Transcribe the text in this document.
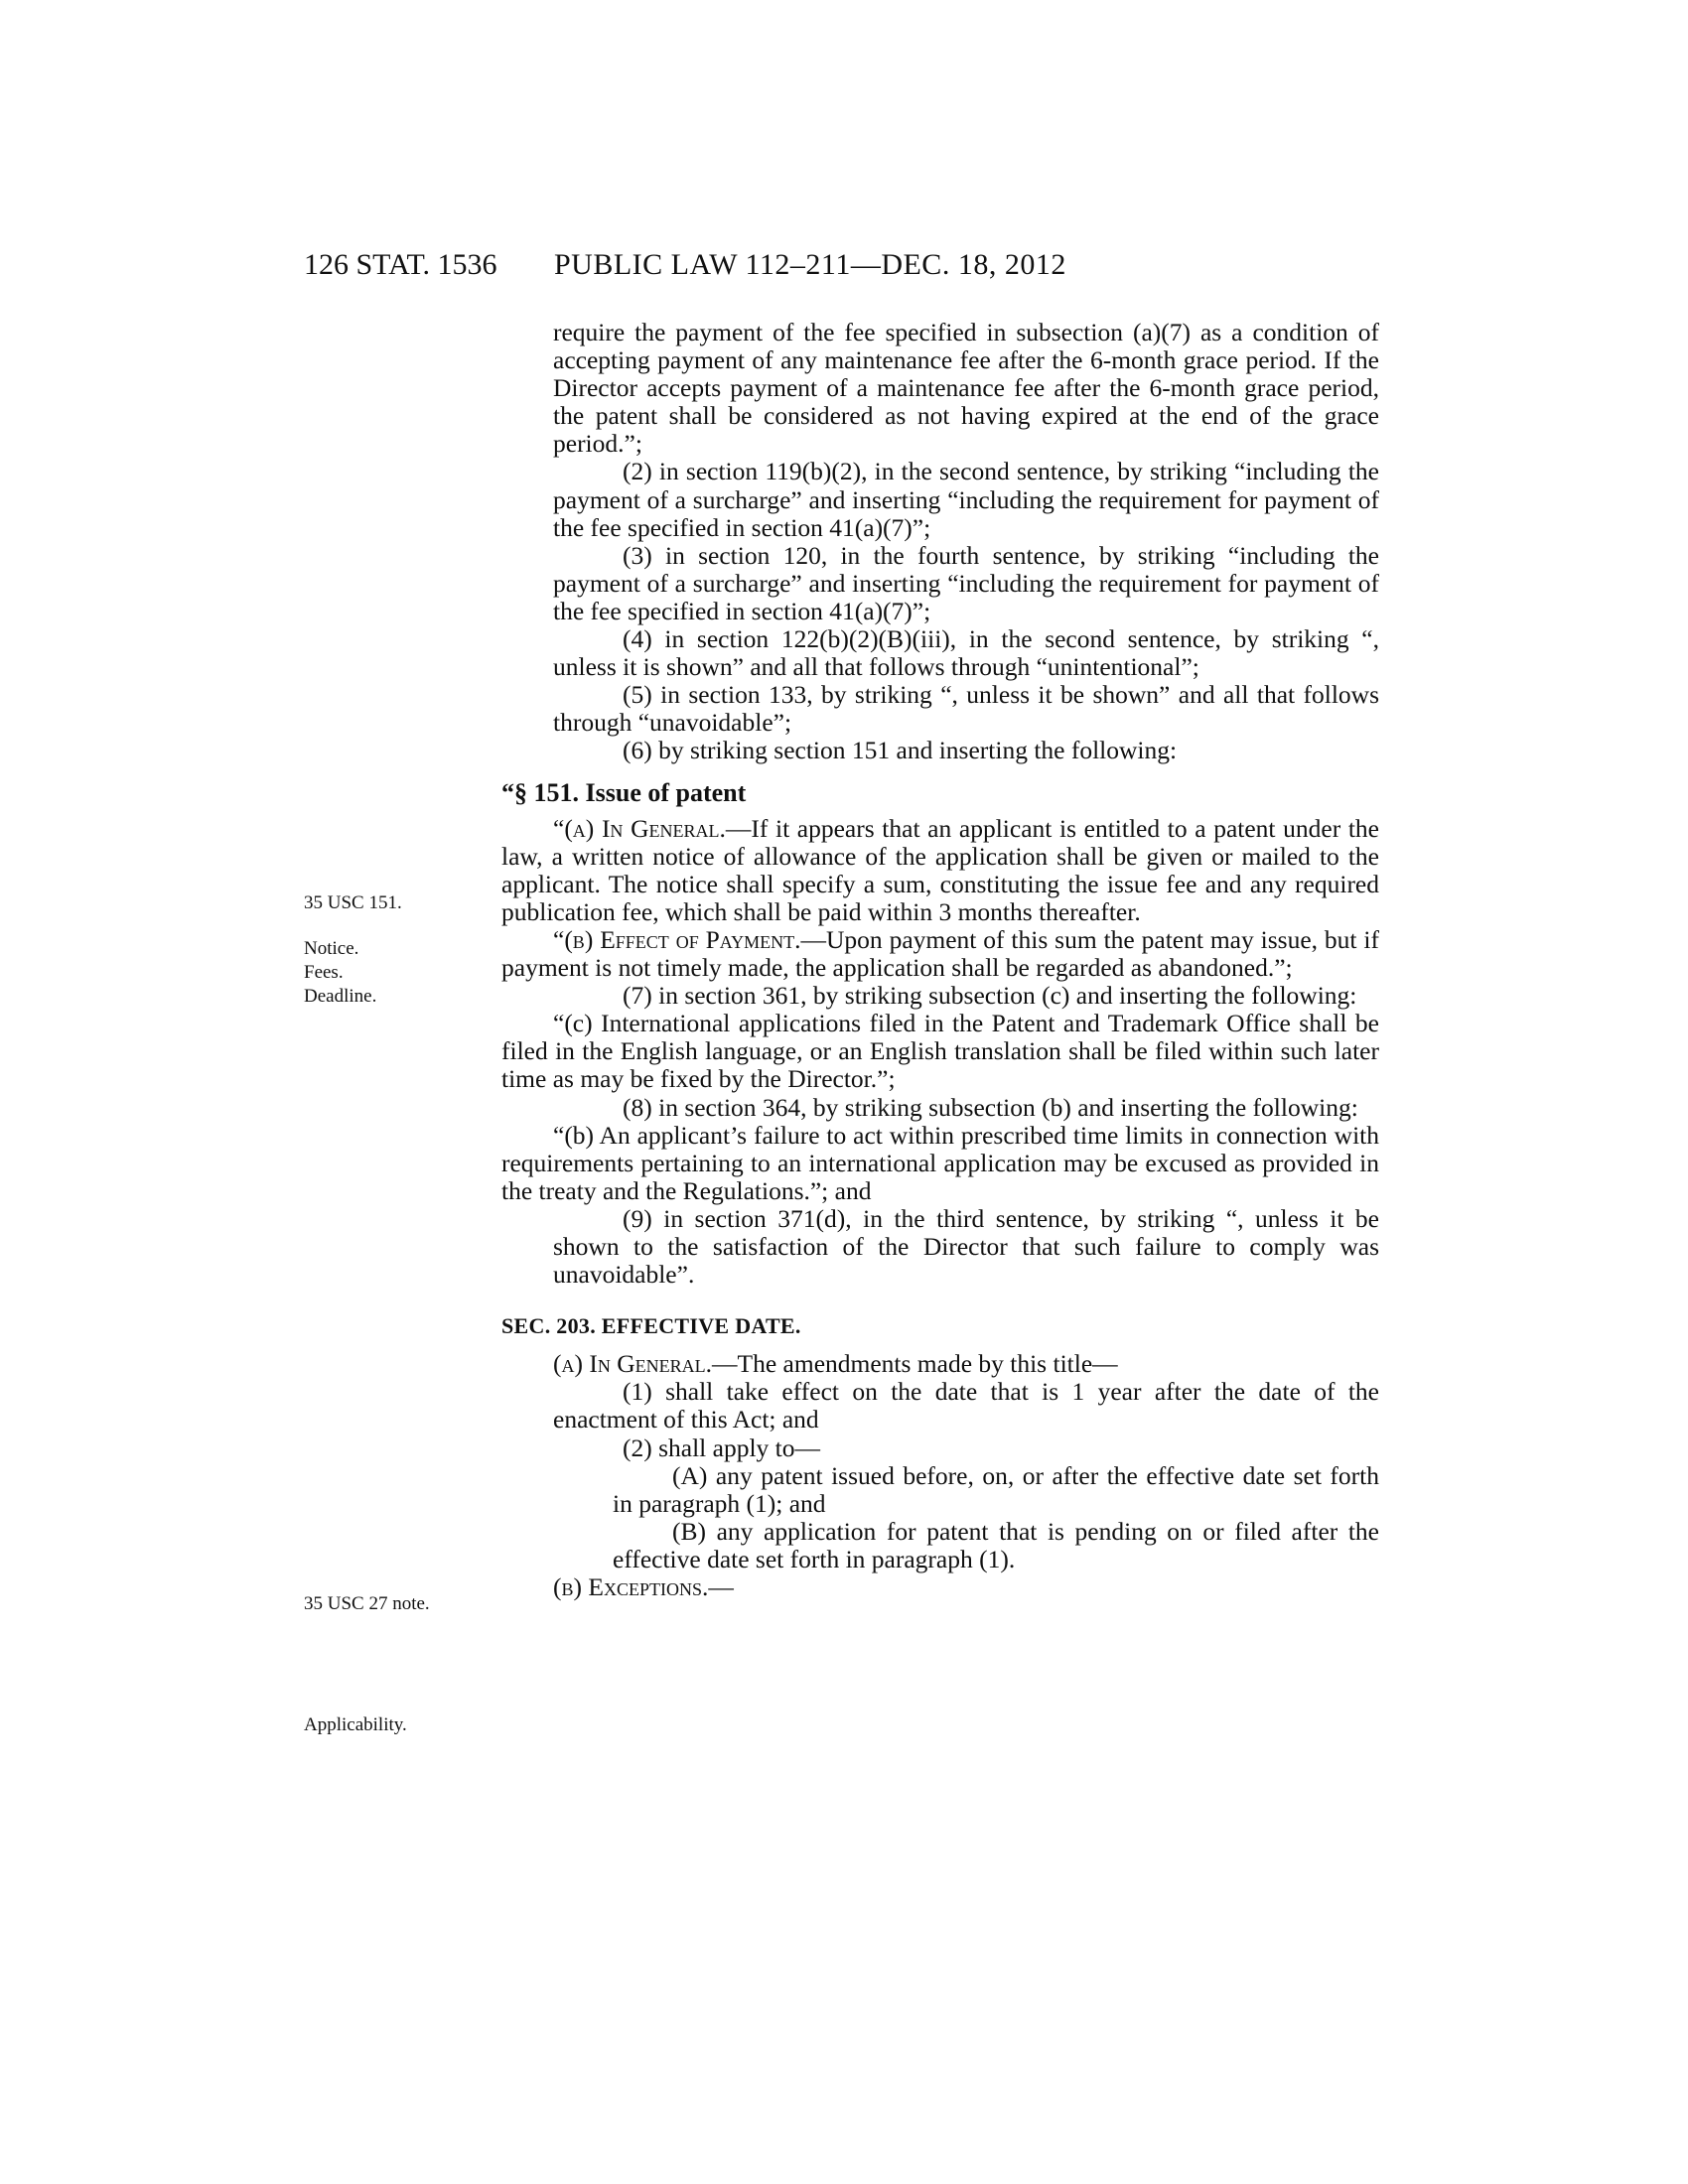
126 STAT. 1536 PUBLIC LAW 112–211—DEC. 18, 2012
35 USC 151.
Notice.
Fees.
Deadline.
35 USC 27 note.
Applicability.

require the payment of the fee specified in subsection (a)(7) as a condition of accepting payment of any maintenance fee after the 6-month grace period. If the Director accepts payment of a maintenance fee after the 6-month grace period, the patent shall be considered as not having expired at the end of the grace period.”;

(2) in section 119(b)(2), in the second sentence, by striking “including the payment of a surcharge” and inserting “including the requirement for payment of the fee specified in section 41(a)(7)”;

(3) in section 120, in the fourth sentence, by striking “including the payment of a surcharge” and inserting “including the requirement for payment of the fee specified in section 41(a)(7)”;

(4) in section 122(b)(2)(B)(iii), in the second sentence, by striking “, unless it is shown” and all that follows through “unintentional”;

(5) in section 133, by striking “, unless it be shown” and all that follows through “unavoidable”;

(6) by striking section 151 and inserting the following:

“§ 151. Issue of patent

“(a) In General.—If it appears that an applicant is entitled to a patent under the law, a written notice of allowance of the application shall be given or mailed to the applicant. The notice shall specify a sum, constituting the issue fee and any required publication fee, which shall be paid within 3 months thereafter.

“(b) Effect of Payment.—Upon payment of this sum the patent may issue, but if payment is not timely made, the application shall be regarded as abandoned.”;

(7) in section 361, by striking subsection (c) and inserting the following:

“(c) International applications filed in the Patent and Trademark Office shall be filed in the English language, or an English translation shall be filed within such later time as may be fixed by the Director.”;

(8) in section 364, by striking subsection (b) and inserting the following:

“(b) An applicant’s failure to act within prescribed time limits in connection with requirements pertaining to an international application may be excused as provided in the treaty and the Regulations.”; and

(9) in section 371(d), in the third sentence, by striking “, unless it be shown to the satisfaction of the Director that such failure to comply was unavoidable”.

SEC. 203. EFFECTIVE DATE.

(a) In General.—The amendments made by this title—

(1) shall take effect on the date that is 1 year after the date of the enactment of this Act; and

(2) shall apply to—

(A) any patent issued before, on, or after the effective date set forth in paragraph (1); and

(B) any application for patent that is pending on or filed after the effective date set forth in paragraph (1).

(b) Exceptions.—
